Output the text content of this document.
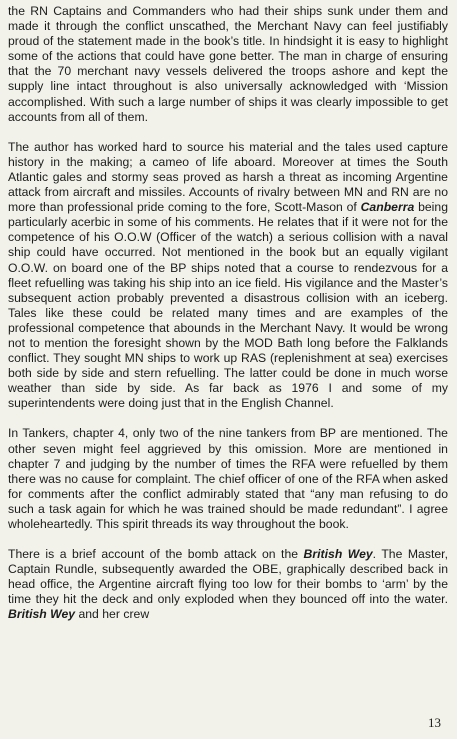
the RN Captains and Commanders who had their ships sunk under them and made it through the conflict unscathed, the Merchant Navy can feel justifiably proud of the statement made in the book’s title. In hindsight it is easy to highlight some of the actions that could have gone better. The man in charge of ensuring that the 70 merchant navy vessels delivered the troops ashore and kept the supply line intact throughout is also universally acknowledged with ‘Mission accomplished. With such a large number of ships it was clearly impossible to get accounts from all of them.

The author has worked hard to source his material and the tales used capture history in the making; a cameo of life aboard. Moreover at times the South Atlantic gales and stormy seas proved as harsh a threat as incoming Argentine attack from aircraft and missiles. Accounts of rivalry between MN and RN are no more than professional pride coming to the fore, Scott-Mason of Canberra being particularly acerbic in some of his comments. He relates that if it were not for the competence of his O.O.W (Officer of the watch) a serious collision with a naval ship could have occurred. Not mentioned in the book but an equally vigilant O.O.W. on board one of the BP ships noted that a course to rendezvous for a fleet refuelling was taking his ship into an ice field. His vigilance and the Master’s subsequent action probably prevented a disastrous collision with an iceberg. Tales like these could be related many times and are examples of the professional competence that abounds in the Merchant Navy. It would be wrong not to mention the foresight shown by the MOD Bath long before the Falklands conflict. They sought MN ships to work up RAS (replenishment at sea) exercises both side by side and stern refuelling. The latter could be done in much worse weather than side by side. As far back as 1976 I and some of my superintendents were doing just that in the English Channel.

In Tankers, chapter 4, only two of the nine tankers from BP are mentioned. The other seven might feel aggrieved by this omission. More are mentioned in chapter 7 and judging by the number of times the RFA were refuelled by them there was no cause for complaint. The chief officer of one of the RFA when asked for comments after the conflict admirably stated that “any man refusing to do such a task again for which he was trained should be made redundant”. I agree wholeheartedly. This spirit threads its way throughout the book.

There is a brief account of the bomb attack on the British Wey. The Master, Captain Rundle, subsequently awarded the OBE, graphically described back in head office, the Argentine aircraft flying too low for their bombs to ‘arm’ by the time they hit the deck and only exploded when they bounced off into the water. British Wey and her crew

13
